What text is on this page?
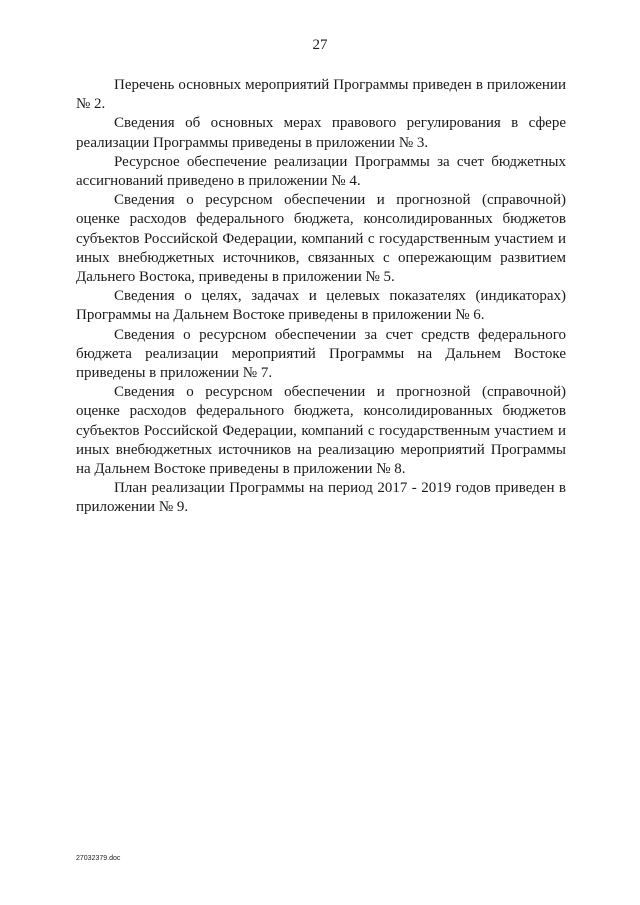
27

Перечень основных мероприятий Программы приведен в приложении № 2.

Сведения об основных мерах правового регулирования в сфере реализации Программы приведены в приложении № 3.

Ресурсное обеспечение реализации Программы за счет бюджетных ассигнований приведено в приложении № 4.

Сведения о ресурсном обеспечении и прогнозной (справочной) оценке расходов федерального бюджета, консолидированных бюджетов субъектов Российской Федерации, компаний с государственным участием и иных внебюджетных источников, связанных с опережающим развитием Дальнего Востока, приведены в приложении № 5.

Сведения о целях, задачах и целевых показателях (индикаторах) Программы на Дальнем Востоке приведены в приложении № 6.

Сведения о ресурсном обеспечении за счет средств федерального бюджета реализации мероприятий Программы на Дальнем Востоке приведены в приложении № 7.

Сведения о ресурсном обеспечении и прогнозной (справочной) оценке расходов федерального бюджета, консолидированных бюджетов субъектов Российской Федерации, компаний с государственным участием и иных внебюджетных источников на реализацию мероприятий Программы на Дальнем Востоке приведены в приложении № 8.

План реализации Программы на период 2017 - 2019 годов приведен в приложении № 9.

27032379.doc
